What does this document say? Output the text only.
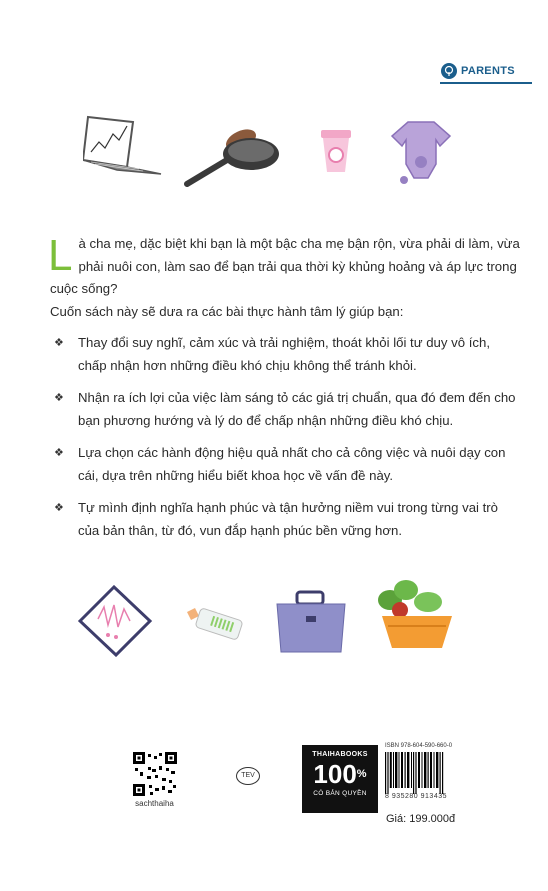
PARENTS
Là cha mẹ, dặc biệt khi bạn là một bậc cha mẹ bận rộn, vừa phải di làm, vừa phải nuôi con, làm sao để bạn trải qua thời kỳ khủng hoảng và áp lực trong cuộc sống?
Cuốn sách này sẽ dưa ra các bài thực hành tâm lý giúp bạn:
❖ Thay đổi suy nghĩ, cảm xúc và trải nghiệm, thoát khỏi lối tư duy vô ích, chấp nhận hơn những điều khó chịu không thể tránh khỏi.
❖ Nhận ra ích lợi của việc làm sáng tỏ các giá trị chuẩn, qua đó đem đến cho bạn phương hướng và lý do để chấp nhận những điều khó chịu.
❖ Lựa chọn các hành động hiệu quả nhất cho cả công việc và nuôi dạy con cái, dựa trên những hiểu biết khoa học về vấn đề này.
❖ Tự mình định nghĩa hạnh phúc và tận hưởng niềm vui trong từng vai trò của bản thân, từ đó, vun đắp hạnh phúc bền vững hơn.
sachthaiha
TEV
THAIHABOOKS
100%
CÓ BẢN QUYỀN
ISBN 978-604-590-660-0
8 935280 913435
Giá: 199.000đ
